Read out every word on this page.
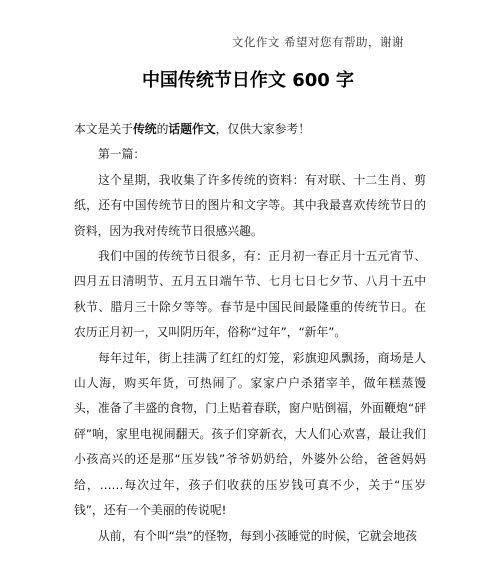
文化作文 希望对您有帮助，谢谢
中国传统节日作文 600 字

本文是关于传统的话题作文，仅供大家参考！

第一篇：

这个星期，我收集了许多传统的资料：有对联、十二生肖、剪纸，还有中国传统节日的图片和文字等。其中我最喜欢传统节日的资料，因为我对传统节日很感兴趣。

我们中国的传统节日很多，有：正月初一春正月十五元宵节、四月五日清明节、五月五日端午节、七月七日七夕节、八月十五中秋节、腊月三十除夕等等。春节是中国民间最隆重的传统节日。在农历正月初一，又叫阴历年，俗称“过年”，“新年”。

每年过年，街上挂满了红红的灯笼，彩旗迎风飘扬，商场是人山人海，购买年货，可热闹了。家家户户杀猪宰羊，做年糕蒸馒头，准备了丰盛的食物，门上贴着春联，窗户贴倒福，外面鞭炮“砰砰”响，家里电视闹翻天。孩子们穿新衣，大人们心欢喜，最让我们小孩高兴的还是那“压岁钱”爷爷奶奶给，外婆外公给，爸爸妈妈给，……每次过年，孩子们收获的压岁钱可真不少，关于“压岁钱”，还有一个美丽的传说呢!

从前，有个叫“祟”的怪物，每到小孩睡觉的时候，它就会地孩
